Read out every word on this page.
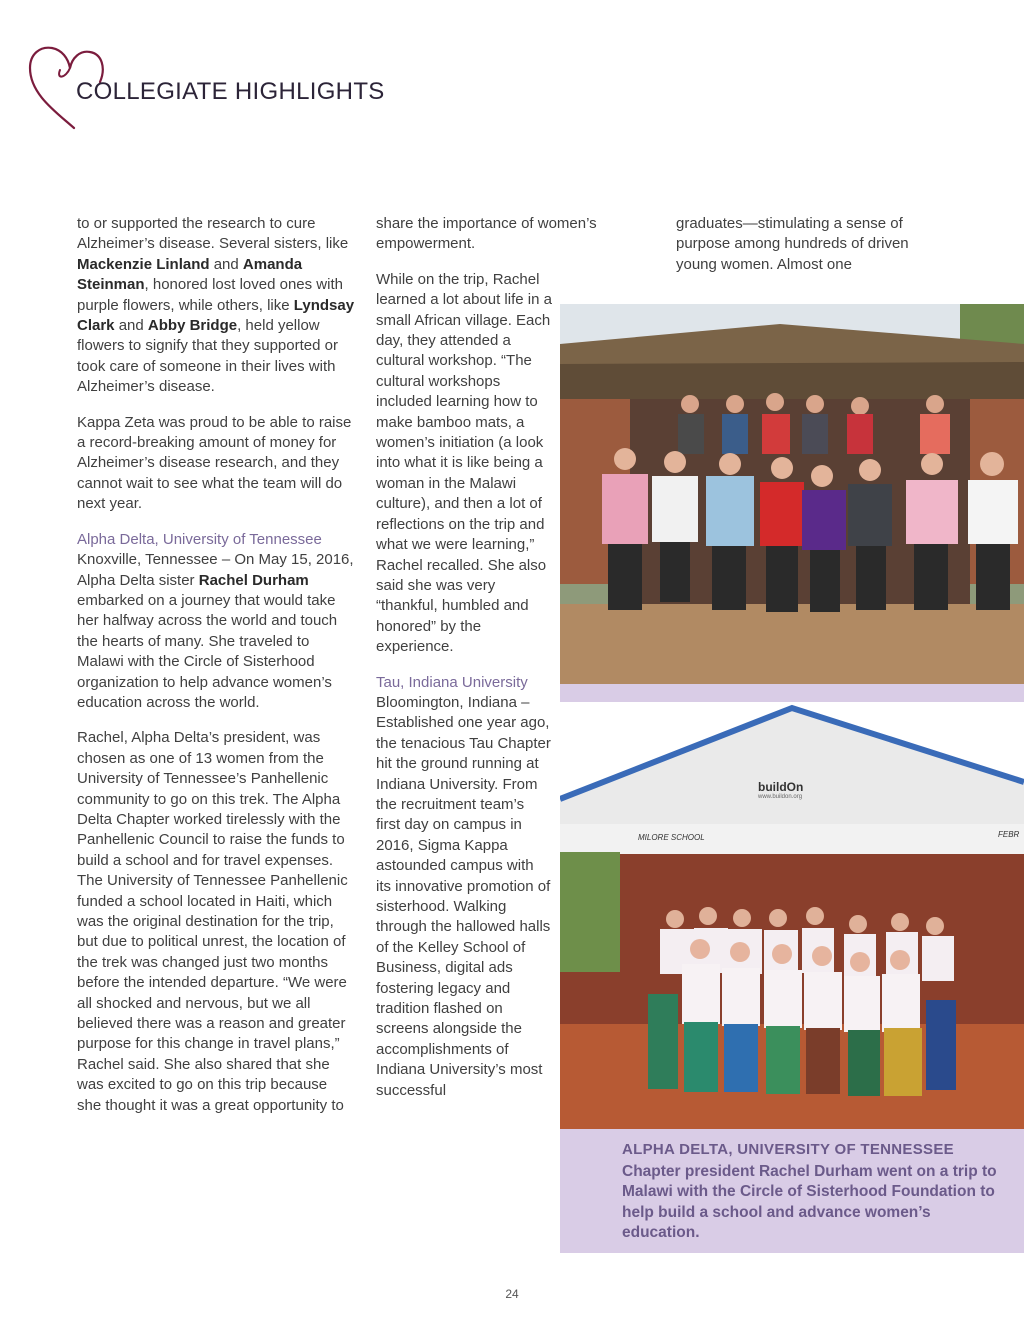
COLLEGIATE HIGHLIGHTS

to or supported the research to cure Alzheimer’s disease. Several sisters, like Mackenzie Linland and Amanda Steinman, honored lost loved ones with purple flowers, while others, like Lyndsay Clark and Abby Bridge, held yellow flowers to signify that they supported or took care of someone in their lives with Alzheimer’s disease.

Kappa Zeta was proud to be able to raise a record-breaking amount of money for Alzheimer’s disease research, and they cannot wait to see what the team will do next year.

Alpha Delta, University of Tennessee
Knoxville, Tennessee – On May 15, 2016, Alpha Delta sister Rachel Durham embarked on a journey that would take her halfway across the world and touch the hearts of many. She traveled to Malawi with the Circle of Sisterhood organization to help advance women’s education across the world.

Rachel, Alpha Delta’s president, was chosen as one of 13 women from the University of Tennessee’s Panhellenic community to go on this trek. The Alpha Delta Chapter worked tirelessly with the Panhellenic Council to raise the funds to build a school and for travel expenses. The University of Tennessee Panhellenic funded a school located in Haiti, which was the original destination for the trip, but due to political unrest, the location of the trek was changed just two months before the intended departure. “We were all shocked and nervous, but we all believed there was a reason and greater purpose for this change in travel plans,” Rachel said. She also shared that she was excited to go on this trip because she thought it was a great opportunity to

share the importance of women’s empowerment.

While on the trip, Rachel learned a lot about life in a small African village. Each day, they attended a cultural workshop. “The cultural workshops included learning how to make bamboo mats, a women’s initiation (a look into what it is like being a woman in the Malawi culture), and then a lot of reflections on the trip and what we were learning,” Rachel recalled. She also said she was very “thankful, humbled and honored” by the experience.

Tau, Indiana University
Bloomington, Indiana – Established one year ago, the tenacious Tau Chapter hit the ground running at Indiana University. From the recruitment team’s first day on campus in 2016, Sigma Kappa astounded campus with its innovative promotion of sisterhood. Walking through the hallowed halls of the Kelley School of Business, digital ads fostering legacy and tradition flashed on screens alongside the accomplishments of Indiana University’s most successful

graduates—stimulating a sense of purpose among hundreds of driven young women. Almost one

buildOn
www.buildon.org
MILORE SCHOOL	FEBR
ALPHA DELTA, UNIVERSITY OF TENNESSEE
Chapter president Rachel Durham went on a trip to Malawi with the Circle of Sisterhood Foundation to help build a school and advance women’s education.
24
